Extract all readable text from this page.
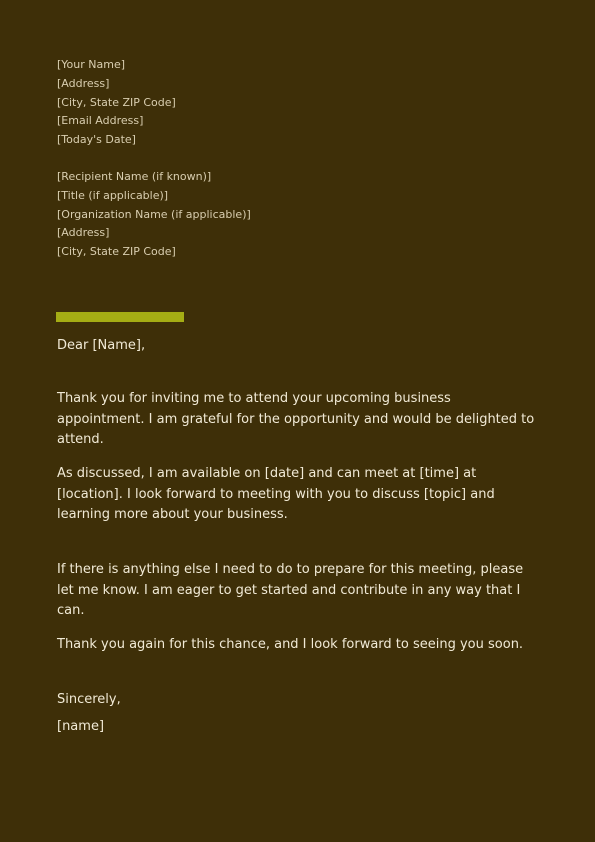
[Your Name]
[Address]
[City, State ZIP Code]
[Email Address]
[Today's Date]
[Recipient Name (if known)]
[Title (if applicable)]
[Organization Name (if applicable)]
[Address]
[City, State ZIP Code]

Dear [Name],

Thank you for inviting me to attend your upcoming business appointment. I am grateful for the opportunity and would be delighted to attend.

As discussed, I am available on [date] and can meet at [time] at [location]. I look forward to meeting with you to discuss [topic] and learning more about your business.

If there is anything else I need to do to prepare for this meeting, please let me know. I am eager to get started and contribute in any way that I can.

Thank you again for this chance, and I look forward to seeing you soon.

Sincerely,

[name]
